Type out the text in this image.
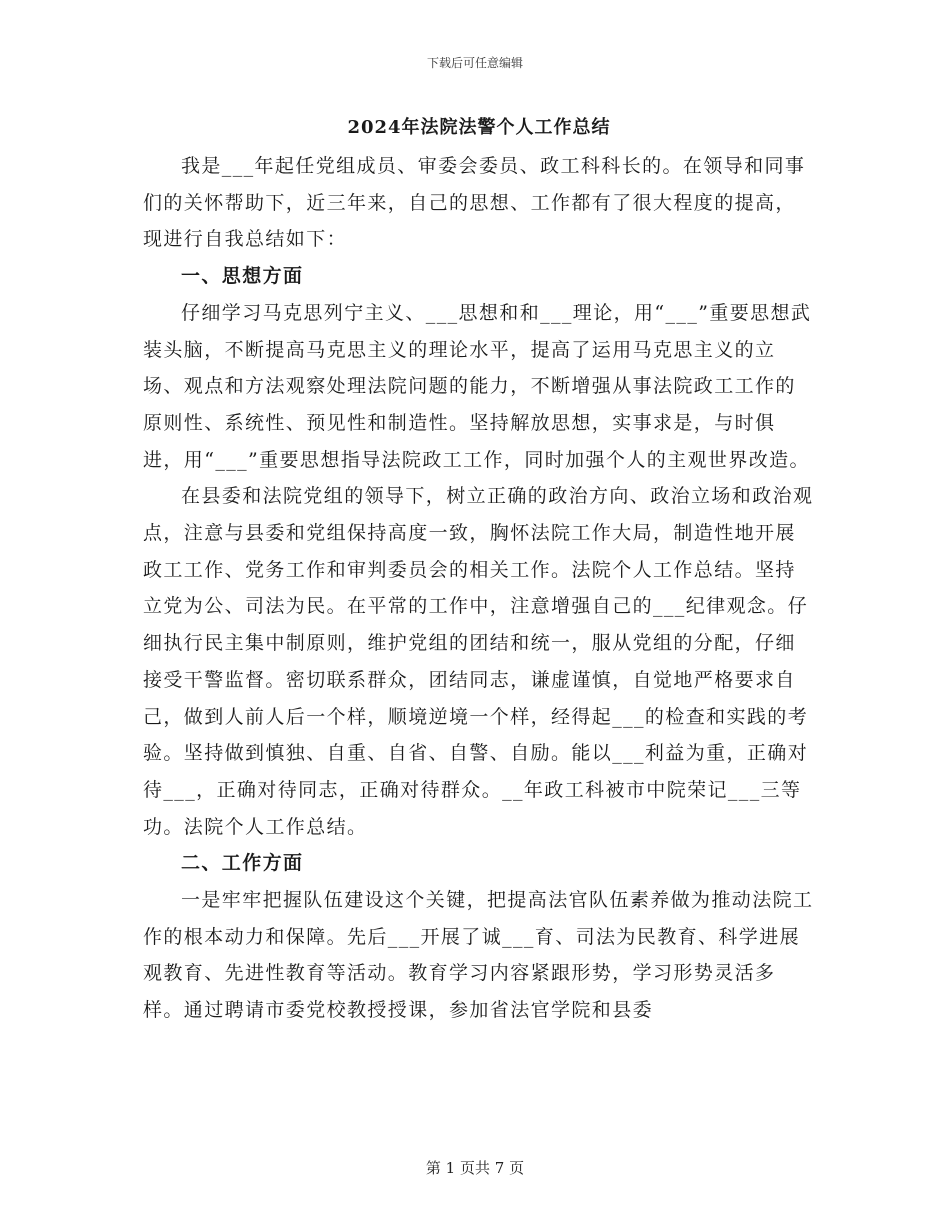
下载后可任意编辑
2024年法院法警个人工作总结
我是___年起任党组成员、审委会委员、政工科科长的。在领导和同事们的关怀帮助下，近三年来，自己的思想、工作都有了很大程度的提高，现进行自我总结如下：
一、思想方面
仔细学习马克思列宁主义、___思想和和___理论，用“___”重要思想武装头脑，不断提高马克思主义的理论水平，提高了运用马克思主义的立场、观点和方法观察处理法院问题的能力，不断增强从事法院政工工作的原则性、系统性、预见性和制造性。坚持解放思想，实事求是，与时俱进，用“___”重要思想指导法院政工工作，同时加强个人的主观世界改造。
在县委和法院党组的领导下，树立正确的政治方向、政治立场和政治观点，注意与县委和党组保持高度一致，胸怀法院工作大局，制造性地开展政工工作、党务工作和审判委员会的相关工作。法院个人工作总结。坚持立党为公、司法为民。在平常的工作中，注意增强自己的___纪律观念。仔细执行民主集中制原则，维护党组的团结和统一，服从党组的分配，仔细接受干警监督。密切联系群众，团结同志，谦虚谨慎，自觉地严格要求自己，做到人前人后一个样，顺境逆境一个样，经得起___的检查和实践的考验。坚持做到慎独、自重、自省、自警、自励。能以___利益为重，正确对待___，正确对待同志，正确对待群众。__年政工科被市中院荣记___三等功。法院个人工作总结。
二、工作方面
一是牢牢把握队伍建设这个关键，把提高法官队伍素养做为推动法院工作的根本动力和保障。先后___开展了诚___育、司法为民教育、科学进展观教育、先进性教育等活动。教育学习内容紧跟形势，学习形势灵活多样。通过聘请市委党校教授授课，参加省法官学院和县委
第 1 页共 7 页
